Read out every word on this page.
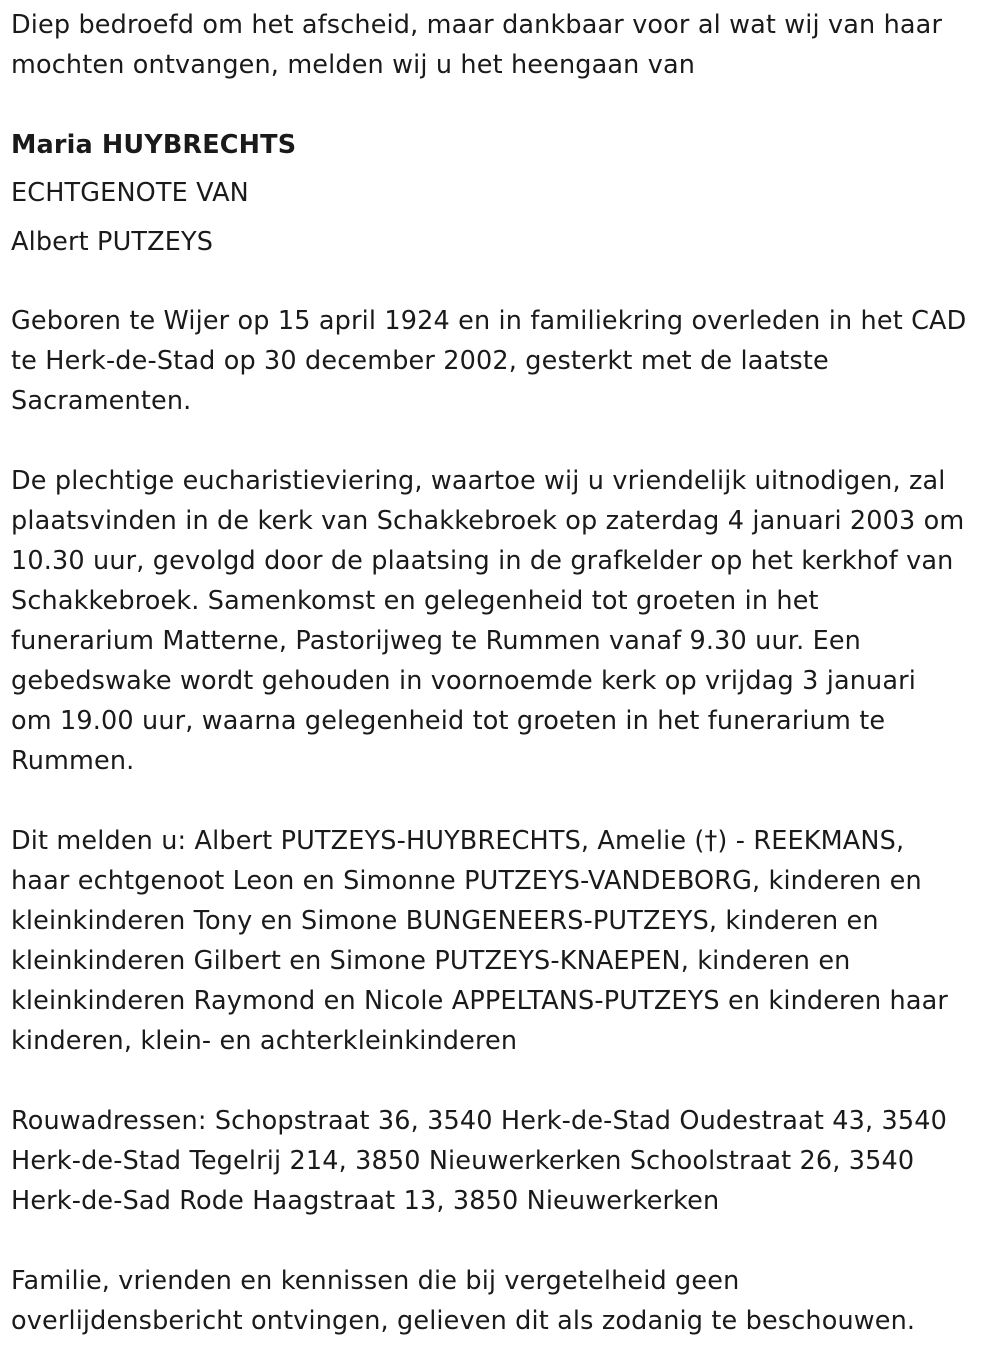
Diep bedroefd om het afscheid, maar dankbaar voor al wat wij van haar
mochten ontvangen, melden wij u het heengaan van

Maria HUYBRECHTS

ECHTGENOTE VAN

Albert PUTZEYS

Geboren te Wijer op 15 april 1924 en in familiekring overleden in het CAD
te Herk-de-Stad op 30 december 2002, gesterkt met de laatste
Sacramenten.

De plechtige eucharistieviering, waartoe wij u vriendelijk uitnodigen, zal
plaatsvinden in de kerk van Schakkebroek op zaterdag 4 januari 2003 om
10.30 uur, gevolgd door de plaatsing in de grafkelder op het kerkhof van
Schakkebroek. Samenkomst en gelegenheid tot groeten in het
funerarium Matterne, Pastorijweg te Rummen vanaf 9.30 uur. Een
gebedswake wordt gehouden in voornoemde kerk op vrijdag 3 januari
om 19.00 uur, waarna gelegenheid tot groeten in het funerarium te
Rummen.

Dit melden u: Albert PUTZEYS-HUYBRECHTS, Amelie (†) - REEKMANS,
haar echtgenoot Leon en Simonne PUTZEYS-VANDEBORG, kinderen en
kleinkinderen Tony en Simone BUNGENEERS-PUTZEYS, kinderen en
kleinkinderen Gilbert en Simone PUTZEYS-KNAEPEN, kinderen en
kleinkinderen Raymond en Nicole APPELTANS-PUTZEYS en kinderen haar
kinderen, klein- en achterkleinkinderen

Rouwadressen: Schopstraat 36, 3540 Herk-de-Stad Oudestraat 43, 3540
Herk-de-Stad Tegelrij 214, 3850 Nieuwerkerken Schoolstraat 26, 3540
Herk-de-Sad Rode Haagstraat 13, 3850 Nieuwerkerken

Familie, vrienden en kennissen die bij vergetelheid geen
overlijdensbericht ontvingen, gelieven dit als zodanig te beschouwen.
